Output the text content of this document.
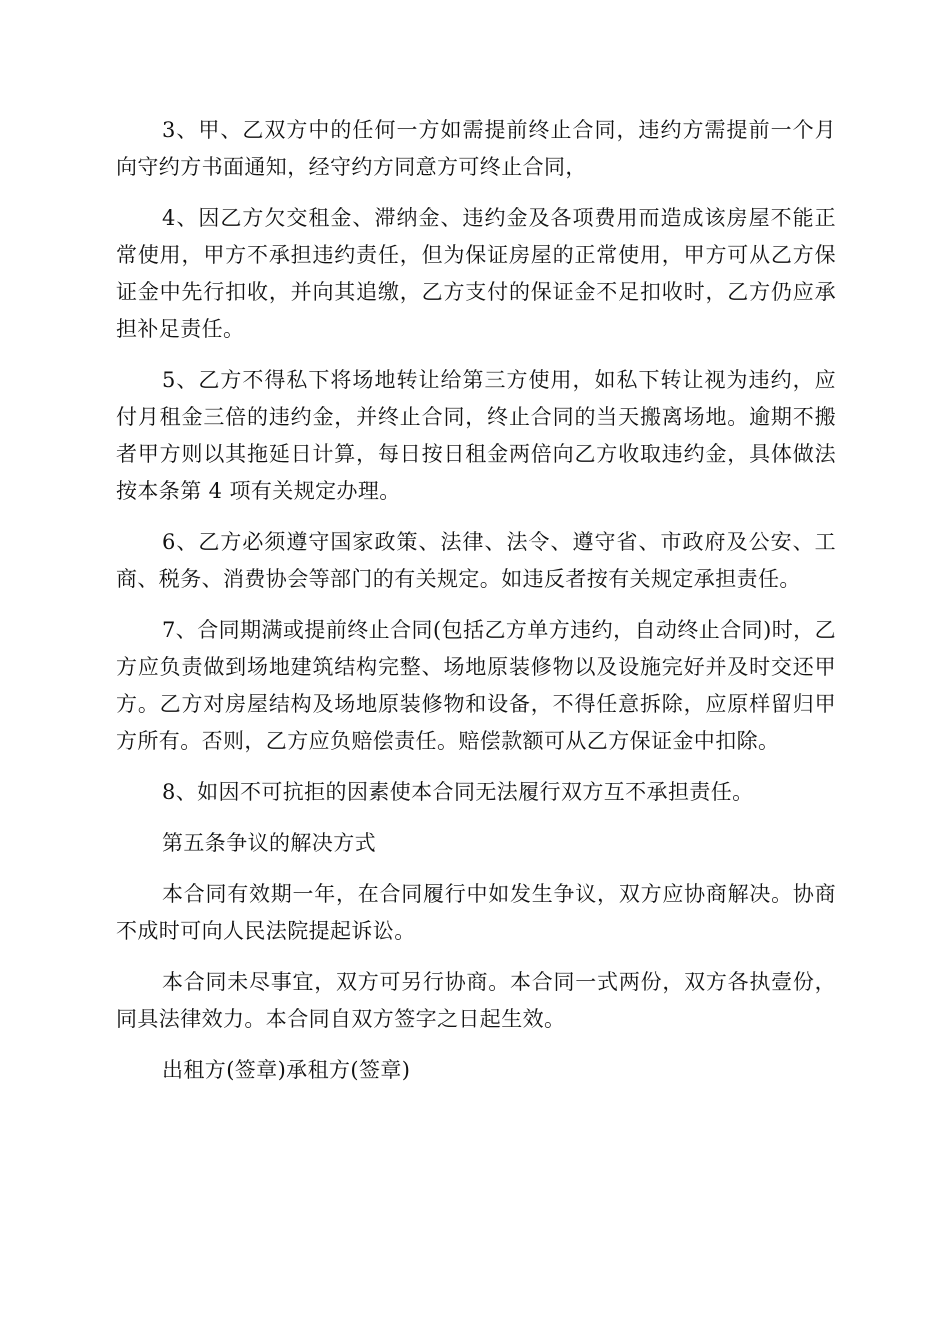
3、甲、乙双方中的任何一方如需提前终止合同，违约方需提前一个月向守约方书面通知，经守约方同意方可终止合同，

4、因乙方欠交租金、滞纳金、违约金及各项费用而造成该房屋不能正常使用，甲方不承担违约责任，但为保证房屋的正常使用，甲方可从乙方保证金中先行扣收，并向其追缴，乙方支付的保证金不足扣收时，乙方仍应承担补足责任。

5、乙方不得私下将场地转让给第三方使用，如私下转让视为违约，应付月租金三倍的违约金，并终止合同，终止合同的当天搬离场地。逾期不搬者甲方则以其拖延日计算，每日按日租金两倍向乙方收取违约金，具体做法按本条第 4 项有关规定办理。

6、乙方必须遵守国家政策、法律、法令、遵守省、市政府及公安、工商、税务、消费协会等部门的有关规定。如违反者按有关规定承担责任。

7、合同期满或提前终止合同(包括乙方单方违约，自动终止合同)时，乙方应负责做到场地建筑结构完整、场地原装修物以及设施完好并及时交还甲方。乙方对房屋结构及场地原装修物和设备，不得任意拆除，应原样留归甲方所有。否则，乙方应负赔偿责任。赔偿款额可从乙方保证金中扣除。

8、如因不可抗拒的因素使本合同无法履行双方互不承担责任。

第五条争议的解决方式

本合同有效期一年，在合同履行中如发生争议，双方应协商解决。协商不成时可向人民法院提起诉讼。

本合同未尽事宜，双方可另行协商。本合同一式两份，双方各执壹份，同具法律效力。本合同自双方签字之日起生效。

出租方(签章)承租方(签章)
